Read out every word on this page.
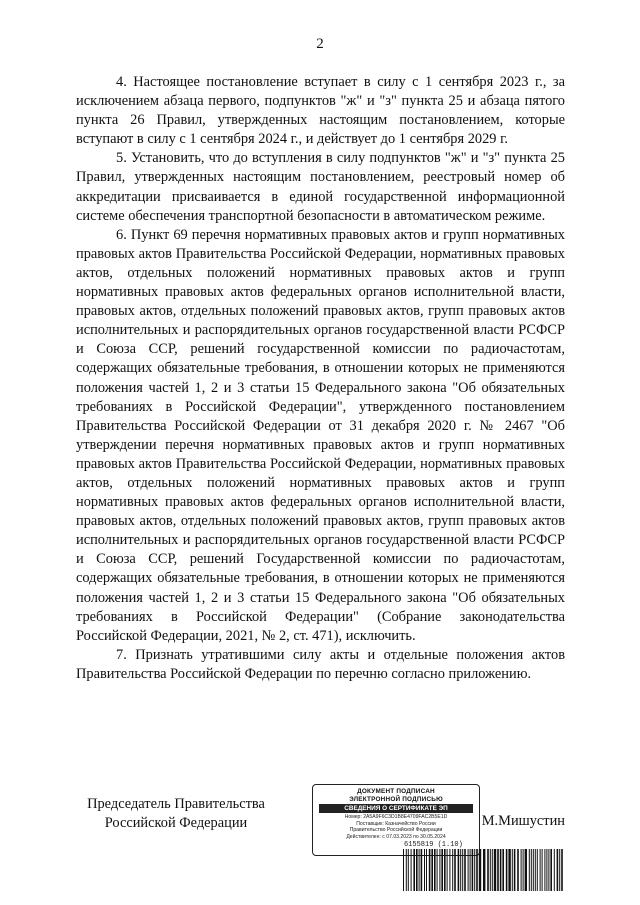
2

4. Настоящее постановление вступает в силу с 1 сентября 2023 г., за исключением абзаца первого, подпунктов "ж" и "з" пункта 25 и абзаца пятого пункта 26 Правил, утвержденных настоящим постановлением, которые вступают в силу с 1 сентября 2024 г., и действует до 1 сентября 2029 г.

5. Установить, что до вступления в силу подпунктов "ж" и "з" пункта 25 Правил, утвержденных настоящим постановлением, реестровый номер об аккредитации присваивается в единой государственной информационной системе обеспечения транспортной безопасности в автоматическом режиме.

6. Пункт 69 перечня нормативных правовых актов и групп нормативных правовых актов Правительства Российской Федерации, нормативных правовых актов, отдельных положений нормативных правовых актов и групп нормативных правовых актов федеральных органов исполнительной власти, правовых актов, отдельных положений правовых актов, групп правовых актов исполнительных и распорядительных органов государственной власти РСФСР и Союза ССР, решений государственной комиссии по радиочастотам, содержащих обязательные требования, в отношении которых не применяются положения частей 1, 2 и 3 статьи 15 Федерального закона "Об обязательных требованиях в Российской Федерации", утвержденного постановлением Правительства Российской Федерации от 31 декабря 2020 г. № 2467 "Об утверждении перечня нормативных правовых актов и групп нормативных правовых актов Правительства Российской Федерации, нормативных правовых актов, отдельных положений нормативных правовых актов и групп нормативных правовых актов федеральных органов исполнительной власти, правовых актов, отдельных положений правовых актов, групп правовых актов исполнительных и распорядительных органов государственной власти РСФСР и Союза ССР, решений Государственной комиссии по радиочастотам, содержащих обязательные требования, в отношении которых не применяются положения частей 1, 2 и 3 статьи 15 Федерального закона "Об обязательных требованиях в Российской Федерации" (Собрание законодательства Российской Федерации, 2021, № 2, ст. 471), исключить.

7. Признать утратившими силу акты и отдельные положения актов Правительства Российской Федерации по перечню согласно приложению.

Председатель Правительства
Российской Федерации
ДОКУМЕНТ ПОДПИСАН
ЭЛЕКТРОННОЙ ПОДПИСЬЮ
СВЕДЕНИЯ О СЕРТИФИКАТЕ ЭП
Номер: 2A5A9F6C3D1B8E4709FAC2B5E1D
Поставщик: Казначейство России
Правительство Российской Федерации
Действителен: с 07.03.2023 по 30.05.2024
М.Мишустин
6155819 (1.10)
